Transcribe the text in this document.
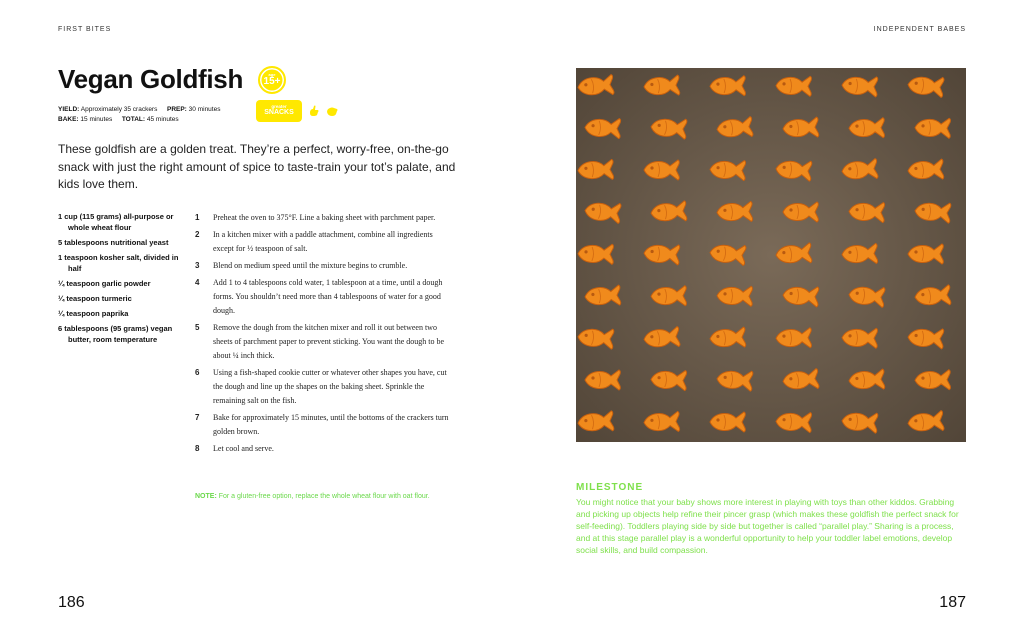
FIRST BITES	INDEPENDENT BABES
Vegan Goldfish	age
15+
YIELD: Approximately 35 crackers PREP: 30 minutes
BAKE: 15 minutes TOTAL: 45 minutes
greater
SNACKS

These goldfish are a golden treat. They’re a perfect, worry-free, on-the-go snack with just the right amount of spice to taste-train your tot’s palate, and kids love them.

1 cup (115 grams) all-purpose or whole wheat flour
5 tablespoons nutritional yeast
1 teaspoon kosher salt, divided in half
¼ teaspoon garlic powder
¼ teaspoon turmeric
¼ teaspoon paprika
6 tablespoons (95 grams) vegan butter, room temperature
1	Preheat the oven to 375°F. Line a baking sheet with parchment paper.
2	In a kitchen mixer with a paddle attachment, combine all ingredients except for ½ teaspoon of salt.
3	Blend on medium speed until the mixture begins to crumble.
4	Add 1 to 4 tablespoons cold water, 1 tablespoon at a time, until a dough forms. You shouldn’t need more than 4 tablespoons of water for a good dough.
5	Remove the dough from the kitchen mixer and roll it out between two sheets of parchment paper to prevent sticking. You want the dough to be about ¼ inch thick.
6	Using a fish-shaped cookie cutter or whatever other shapes you have, cut the dough and line up the shapes on the baking sheet. Sprinkle the remaining salt on the fish.
7	Bake for approximately 15 minutes, until the bottoms of the crackers turn golden brown.
8	Let cool and serve.

NOTE: For a gluten-free option, replace the whole wheat flour with oat flour.

MILESTONE

You might notice that your baby shows more interest in playing with toys than other kiddos. Grabbing and picking up objects help refine their pincer grasp (which makes these goldfish the perfect snack for self-feeding). Toddlers playing side by side but together is called “parallel play.” Sharing is a process, and at this stage parallel play is a wonderful opportunity to help your toddler label emotions, develop social skills, and build compassion.

186	187
